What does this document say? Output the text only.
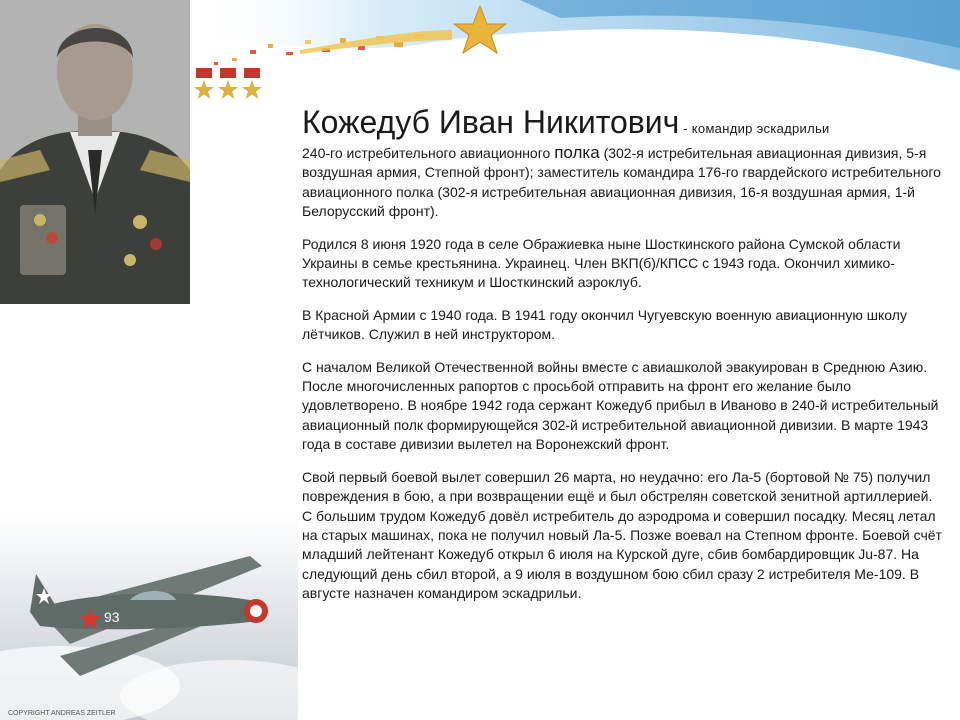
Кожедуб Иван Никитович - командир эскадрильи

240-го истребительного авиационного полка (302-я истребительная авиационная дивизия, 5-я воздушная армия, Степной фронт); заместитель командира 176-го гвардейского истребительного авиационного полка (302-я истребительная авиационная дивизия, 16-я воздушная армия, 1-й Белорусский фронт).

Родился 8 июня 1920 года в селе Ображиевка ныне Шосткинского района Сумской области Украины в семье крестьянина. Украинец. Член ВКП(б)/КПСС с 1943 года. Окончил химико-технологический техникум и Шосткинский аэроклуб.

В Красной Армии с 1940 года. В 1941 году окончил Чугуевскую военную авиационную школу лётчиков. Служил в ней инструктором.

С началом Великой Отечественной войны вместе с авиашколой эвакуирован в Среднюю Азию. После многочисленных рапортов с просьбой отправить на фронт его желание было удовлетворено. В ноябре 1942 года сержант Кожедуб прибыл в Иваново в 240-й истребительный авиационный полк формирующейся 302-й истребительной авиационной дивизии. В марте 1943 года в составе дивизии вылетел на Воронежский фронт.

Свой первый боевой вылет совершил 26 марта, но неудачно: его Ла-5 (бортовой № 75) получил повреждения в бою, а при возвращении ещё и был обстрелян советской зенитной артиллерией. С большим трудом Кожедуб довёл истребитель до аэродрома и совершил посадку. Месяц летал на старых машинах, пока не получил новый Ла-5. Позже воевал на Степном фронте. Боевой счёт младший лейтенант Кожедуб открыл 6 июля на Курской дуге, сбив бомбардировщик Ju-87. На следующий день сбил второй, а 9 июля в воздушном бою сбил сразу 2 истребителя Ме-109. В августе назначен командиром эскадрильи.

93
COPYRIGHT ANDREAS ZEITLER
